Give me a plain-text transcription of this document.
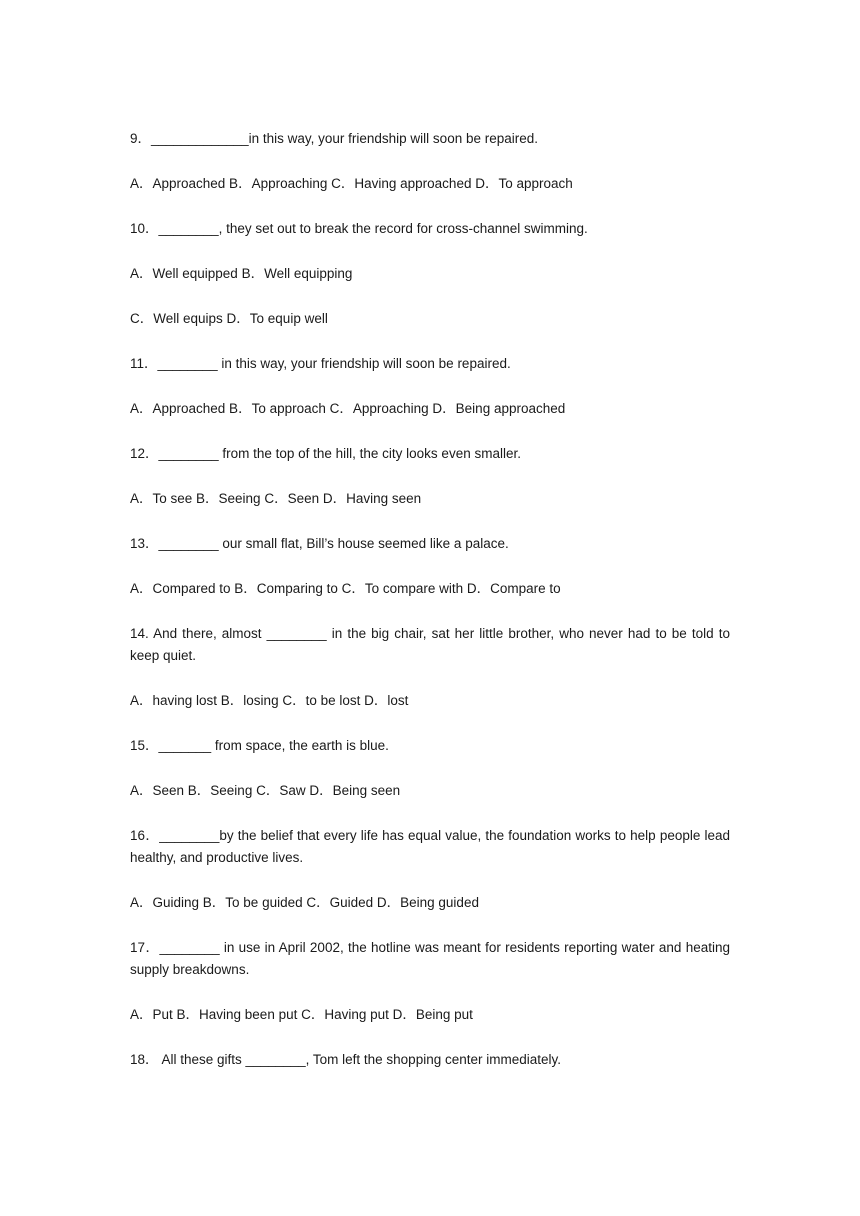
9．_____________in this way, your friendship will soon be repaired.

A．Approached B．Approaching C．Having approached D．To approach

10．________, they set out to break the record for cross-channel swimming.

A．Well equipped B．Well equipping

C．Well equips D．To equip well

11．________ in this way, your friendship will soon be repaired.

A．Approached B．To approach C．Approaching D．Being approached

12．________ from the top of the hill, the city looks even smaller.

A．To see B．Seeing C．Seen D．Having seen

13．________ our small flat, Bill’s house seemed like a palace.

A．Compared to B．Comparing to C．To compare with D．Compare to

14. And there, almost ________ in the big chair, sat her little brother, who never had to be told to keep quiet.

A．having lost B．losing C．to be lost D．lost

15．_______ from space, the earth is blue.

A．Seen B．Seeing C．Saw D．Being seen

16．________by the belief that every life has equal value, the foundation works to help people lead healthy, and productive lives.

A．Guiding B．To be guided C．Guided D．Being guided

17．________ in use in April 2002, the hotline was meant for residents reporting water and heating supply breakdowns.

A．Put B．Having been put C．Having put D．Being put

18． All these gifts ________, Tom left the shopping center immediately.
